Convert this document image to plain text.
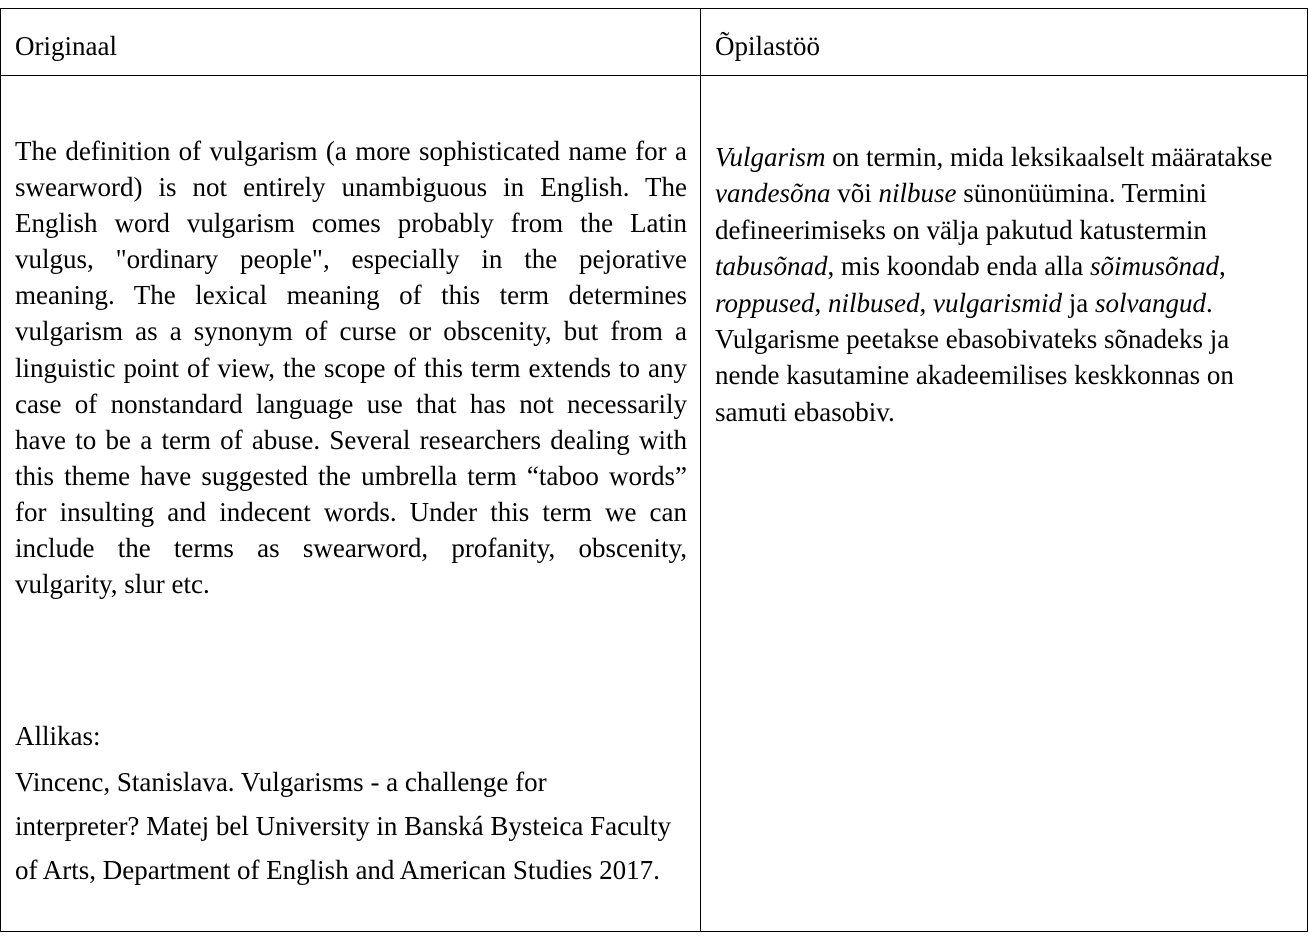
Originaal	Õpilastöö

The definition of vulgarism (a more sophisticated name for a swearword) is not entirely unambiguous in English. The English word vulgarism comes probably from the Latin vulgus, "ordinary people", especially in the pejorative meaning. The lexical meaning of this term determines vulgarism as a synonym of curse or obscenity, but from a linguistic point of view, the scope of this term extends to any case of nonstandard language use that has not necessarily have to be a term of abuse. Several researchers dealing with this theme have suggested the umbrella term “taboo words” for insulting and indecent words. Under this term we can include the terms as swearword, profanity, obscenity, vulgarity, slur etc.

Allikas:

Vincenc, Stanislava. Vulgarisms - a challenge for interpreter? Matej bel University in Banská Bysteica Faculty of Arts, Department of English and American Studies 2017.

Vulgarism on termin, mida leksikaalselt määratakse vandesõna või nilbuse sünonüümina. Termini defineerimiseks on välja pakutud katustermin tabusõnad, mis koondab enda alla sõimusõnad, roppused, nilbused, vulgarismid ja solvangud. Vulgarisme peetakse ebasobivateks sõnadeks ja nende kasutamine akadeemilises keskkonnas on samuti ebasobiv.
